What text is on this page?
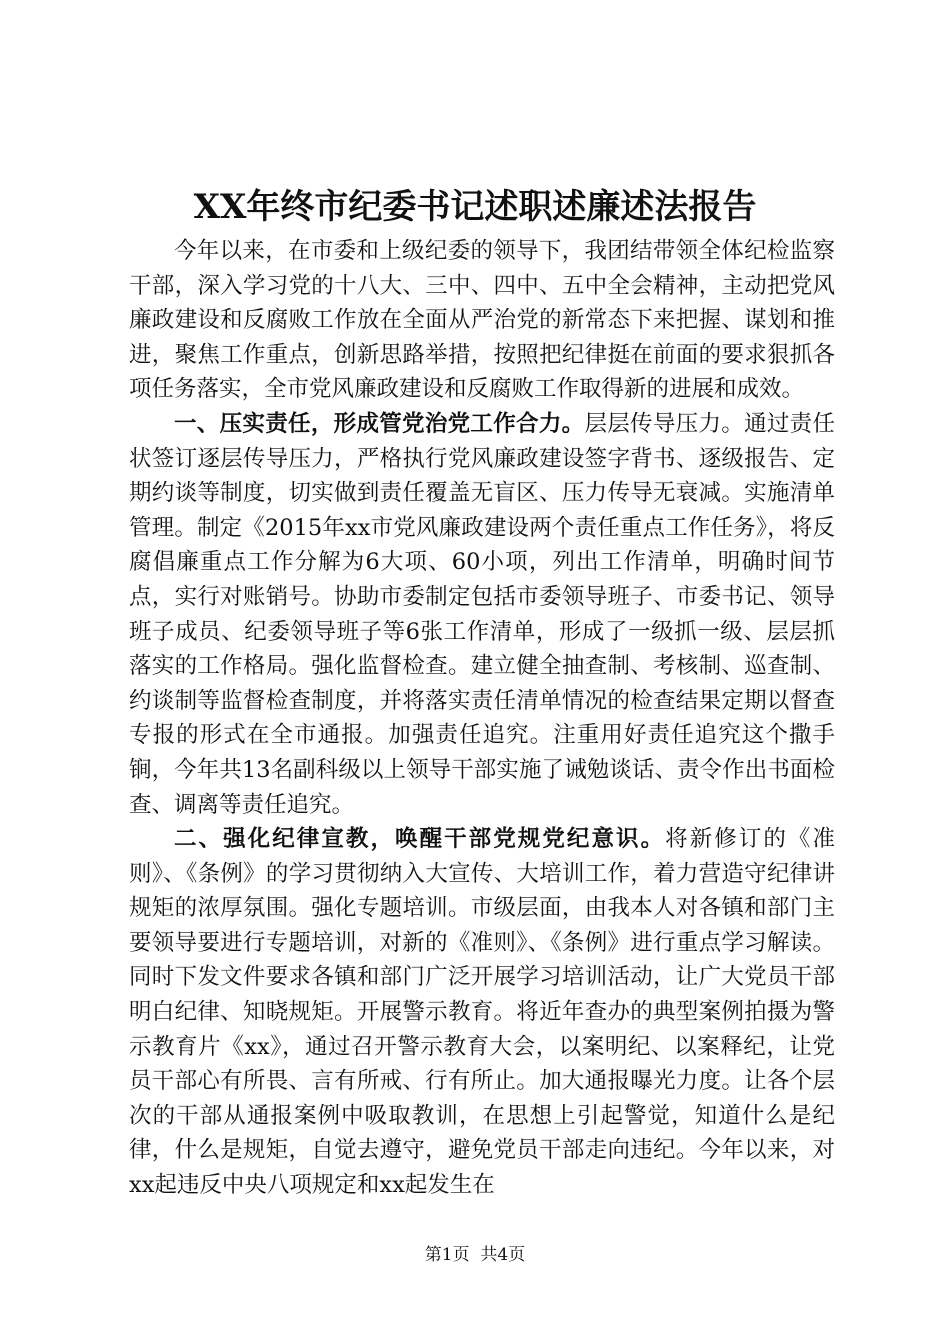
XX年终市纪委书记述职述廉述法报告

今年以来，在市委和上级纪委的领导下，我团结带领全体纪检监察干部，深入学习党的十八大、三中、四中、五中全会精神，主动把党风廉政建设和反腐败工作放在全面从严治党的新常态下来把握、谋划和推进，聚焦工作重点，创新思路举措，按照把纪律挺在前面的要求狠抓各项任务落实，全市党风廉政建设和反腐败工作取得新的进展和成效。

一、压实责任，形成管党治党工作合力。层层传导压力。通过责任状签订逐层传导压力，严格执行党风廉政建设签字背书、逐级报告、定期约谈等制度，切实做到责任覆盖无盲区、压力传导无衰减。实施清单管理。制定《2015年xx市党风廉政建设两个责任重点工作任务》，将反腐倡廉重点工作分解为6大项、60小项，列出工作清单，明确时间节点，实行对账销号。协助市委制定包括市委领导班子、市委书记、领导班子成员、纪委领导班子等6张工作清单，形成了一级抓一级、层层抓落实的工作格局。强化监督检查。建立健全抽查制、考核制、巡查制、约谈制等监督检查制度，并将落实责任清单情况的检查结果定期以督查专报的形式在全市通报。加强责任追究。注重用好责任追究这个撒手锏，今年共13名副科级以上领导干部实施了诫勉谈话、责令作出书面检查、调离等责任追究。

二、强化纪律宣教，唤醒干部党规党纪意识。将新修订的《准则》、《条例》的学习贯彻纳入大宣传、大培训工作，着力营造守纪律讲规矩的浓厚氛围。强化专题培训。市级层面，由我本人对各镇和部门主要领导要进行专题培训，对新的《准则》、《条例》进行重点学习解读。同时下发文件要求各镇和部门广泛开展学习培训活动，让广大党员干部明白纪律、知晓规矩。开展警示教育。将近年查办的典型案例拍摄为警示教育片《xx》，通过召开警示教育大会，以案明纪、以案释纪，让党员干部心有所畏、言有所戒、行有所止。加大通报曝光力度。让各个层次的干部从通报案例中吸取教训，在思想上引起警觉，知道什么是纪律，什么是规矩，自觉去遵守，避免党员干部走向违纪。今年以来，对xx起违反中央八项规定和xx起发生在

第1页 共4页
